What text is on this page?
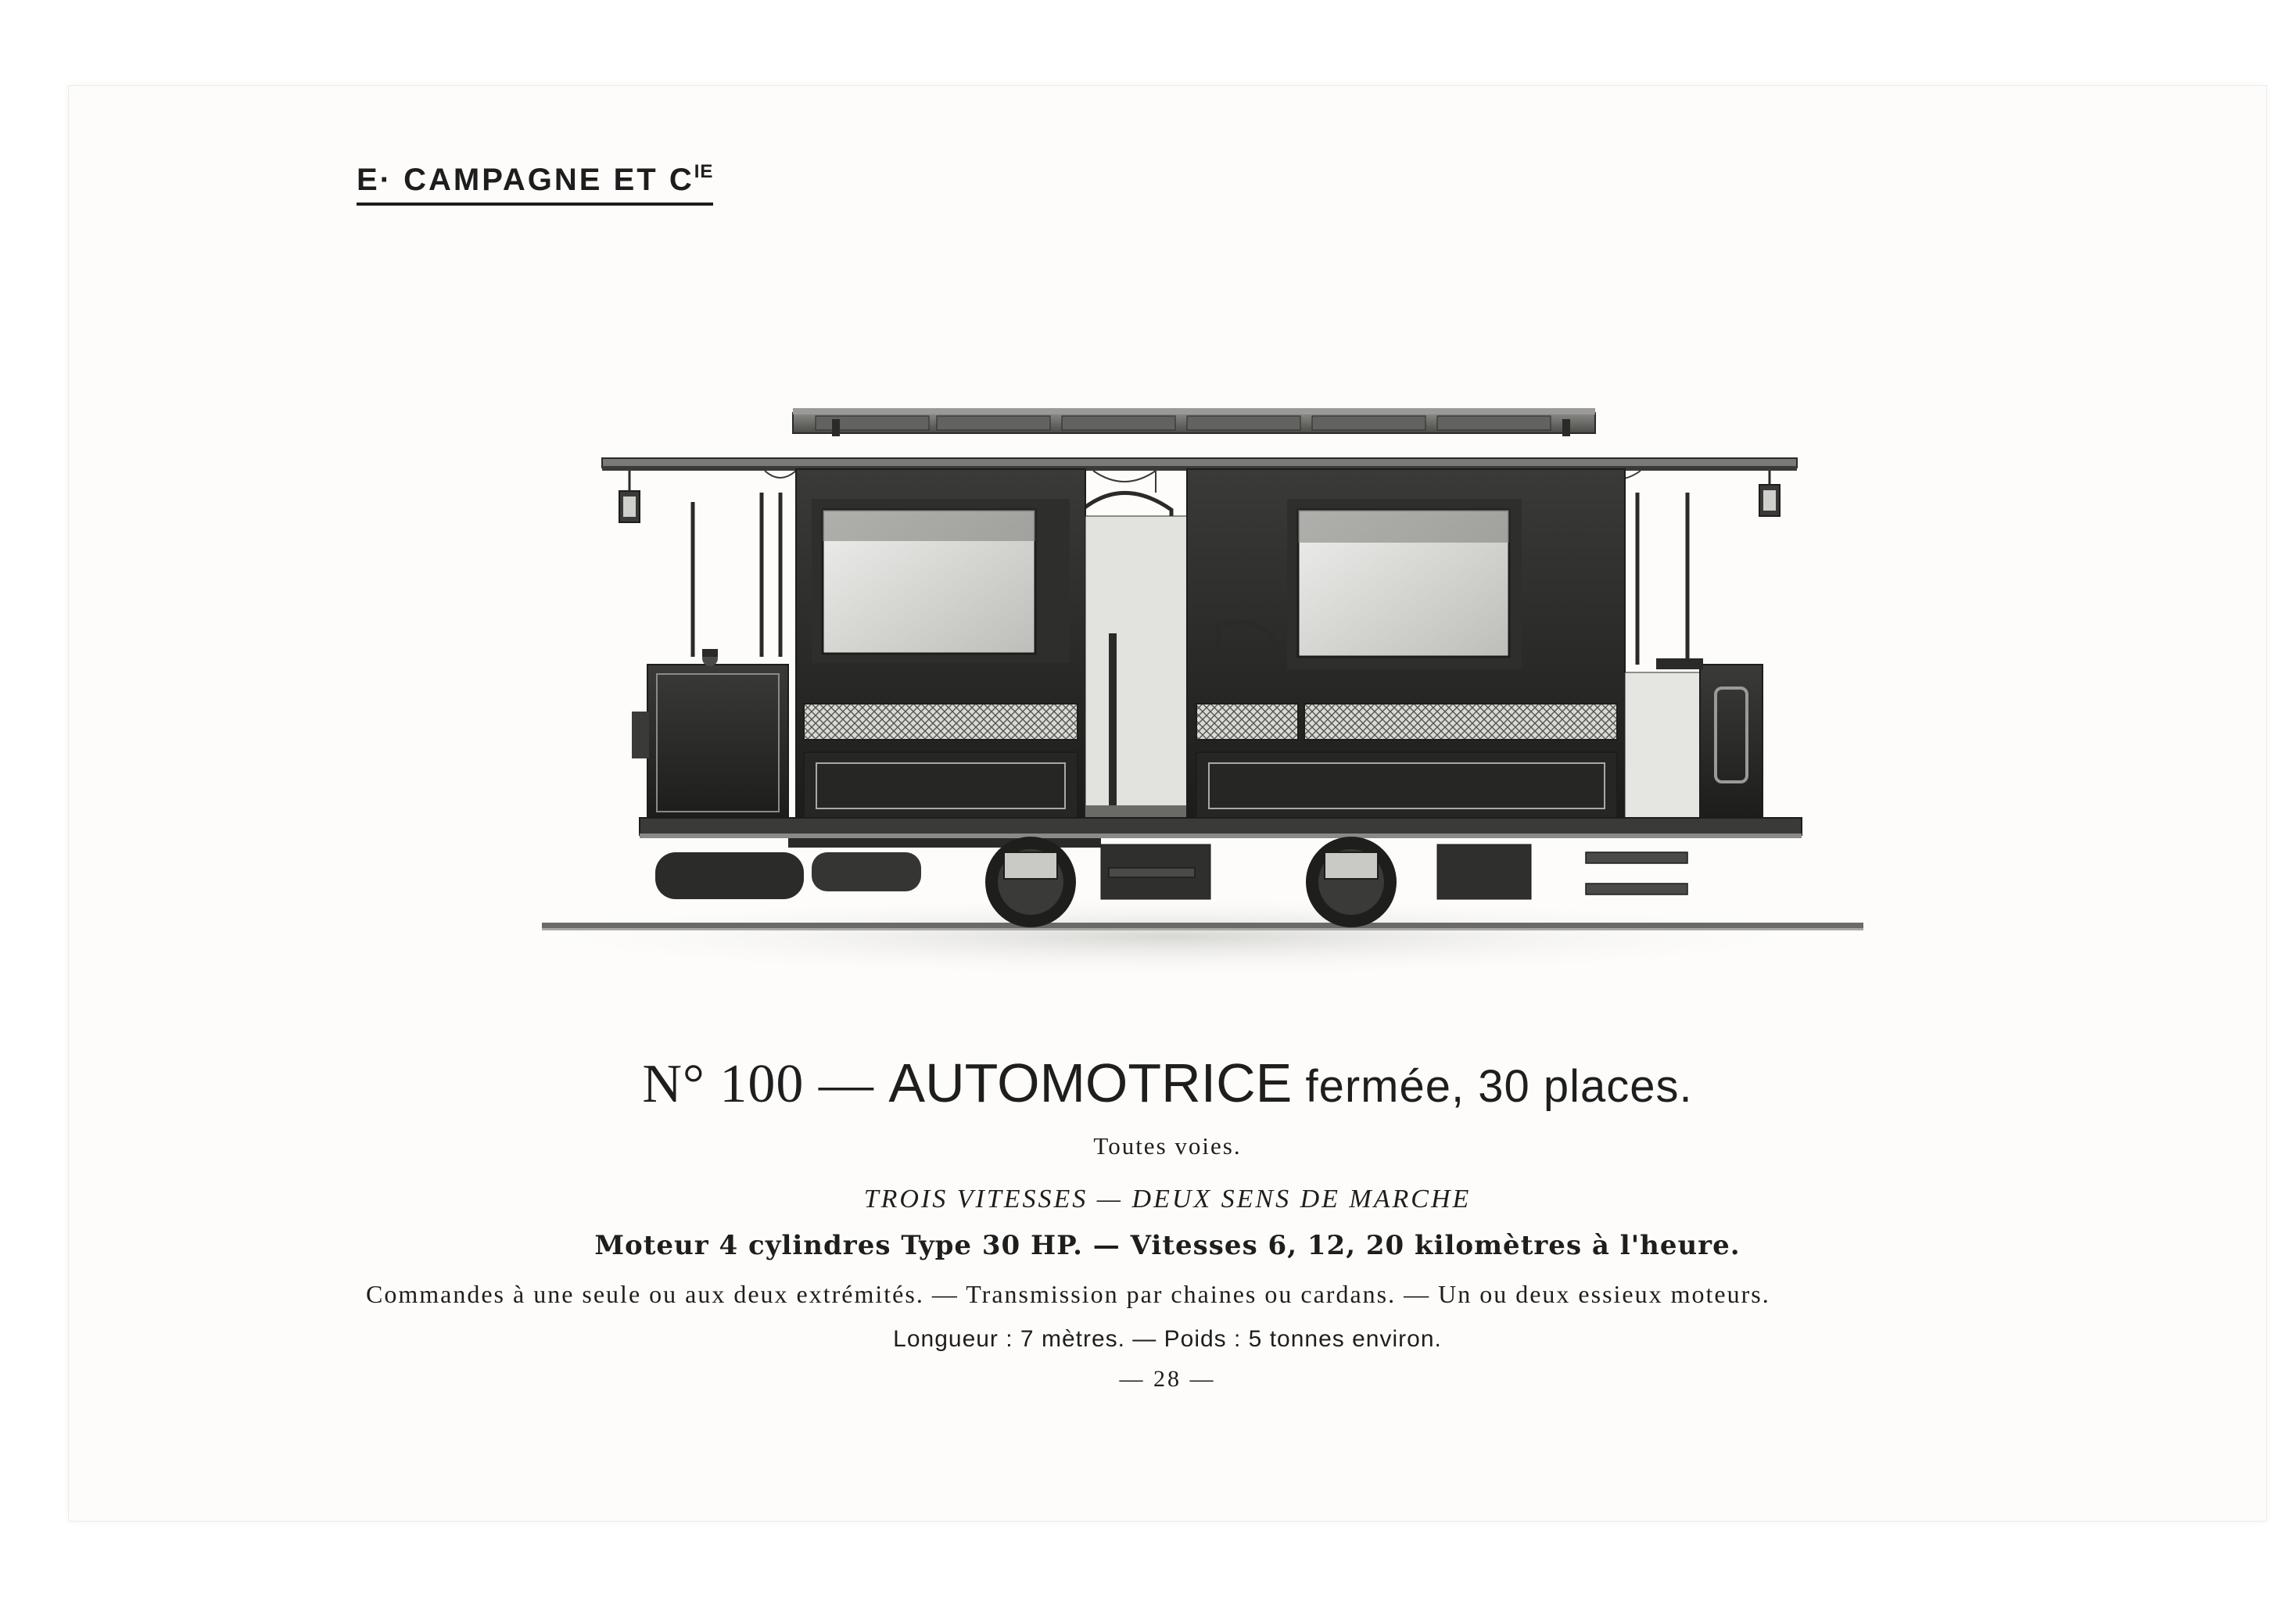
E· CAMPAGNE ET $C^{IE}$
N° 100 — AUTOMOTRICE fermée, 30 places.
Toutes voies.
TROIS VITESSES — DEUX SENS DE MARCHE
Moteur 4 cylindres Type 30 HP. — Vitesses 6, 12, 20 kilomètres à l'heure.
Commandes à une seule ou aux deux extrémités. — Transmission par chaines ou cardans. — Un ou deux essieux moteurs.
Longueur : 7 mètres. — Poids : 5 tonnes environ.
— 28 —
